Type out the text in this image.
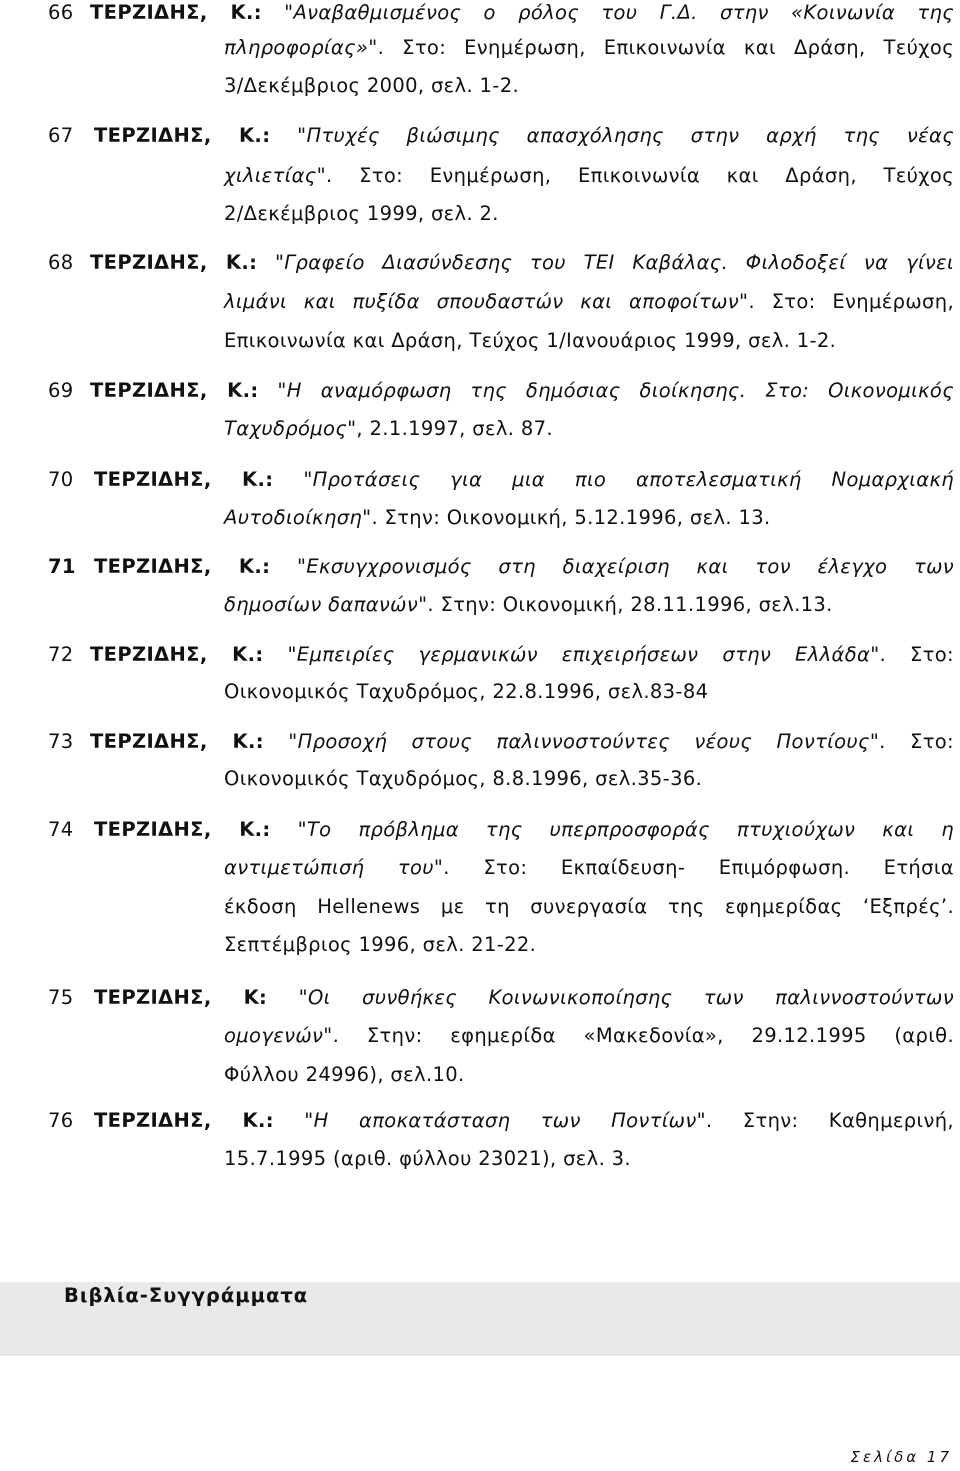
66 ΤΕΡΖΙΔΗΣ, Κ.: "Αναβαθμισμένος ο ρόλος του Γ.Δ. στην «Κοινωνία της
πληροφορίας»". Στο: Ενημέρωση, Επικοινωνία και Δράση, Τεύχος
3/Δεκέμβριος 2000, σελ. 1-2.
67 ΤΕΡΖΙΔΗΣ, Κ.: "Πτυχές βιώσιμης απασχόλησης στην αρχή της νέας
χιλιετίας". Στο: Ενημέρωση, Επικοινωνία και Δράση, Τεύχος
2/Δεκέμβριος 1999, σελ. 2.
68 ΤΕΡΖΙΔΗΣ, Κ.: "Γραφείο Διασύνδεσης του ΤΕΙ Καβάλας. Φιλοδοξεί να γίνει
λιμάνι και πυξίδα σπουδαστών και αποφοίτων". Στο: Ενημέρωση,
Επικοινωνία και Δράση, Τεύχος 1/Ιανουάριος 1999, σελ. 1-2.
69 ΤΕΡΖΙΔΗΣ, Κ.: "Η αναμόρφωση της δημόσιας διοίκησης. Στο: Οικονομικός
Ταχυδρόμος", 2.1.1997, σελ. 87.
70 ΤΕΡΖΙΔΗΣ, Κ.: "Προτάσεις για μια πιο αποτελεσματική Νομαρχιακή
Αυτοδιοίκηση". Στην: Οικονομική, 5.12.1996, σελ. 13.
71 ΤΕΡΖΙΔΗΣ, Κ.: "Εκσυγχρονισμός στη διαχείριση και τον έλεγχο των
δημοσίων δαπανών". Στην: Οικονομική, 28.11.1996, σελ.13.
72 ΤΕΡΖΙΔΗΣ, Κ.: "Εμπειρίες γερμανικών επιχειρήσεων στην Ελλάδα". Στο:
Οικονομικός Ταχυδρόμος, 22.8.1996, σελ.83-84
73 ΤΕΡΖΙΔΗΣ, Κ.: "Προσοχή στους παλιννοστούντες νέους Ποντίους". Στο:
Οικονομικός Ταχυδρόμος, 8.8.1996, σελ.35-36.
74 ΤΕΡΖΙΔΗΣ, Κ.: "Το πρόβλημα της υπερπροσφοράς πτυχιούχων και η
αντιμετώπισή του". Στο: Εκπαίδευση- Επιμόρφωση. Ετήσια
έκδοση Hellenews με τη συνεργασία της εφημερίδας ‘Εξπρές’.
Σεπτέμβριος 1996, σελ. 21-22.
75 ΤΕΡΖΙΔΗΣ, Κ: "Οι συνθήκες Κοινωνικοποίησης των παλιννοστούντων
ομογενών". Στην: εφημερίδα «Μακεδονία», 29.12.1995 (αριθ.
Φύλλου 24996), σελ.10.
76 ΤΕΡΖΙΔΗΣ, Κ.: "Η αποκατάσταση των Ποντίων". Στην: Καθημερινή,
15.7.1995 (αριθ. φύλλου 23021), σελ. 3.
Βιβλία-Συγγράμματα
Σελίδα 17
